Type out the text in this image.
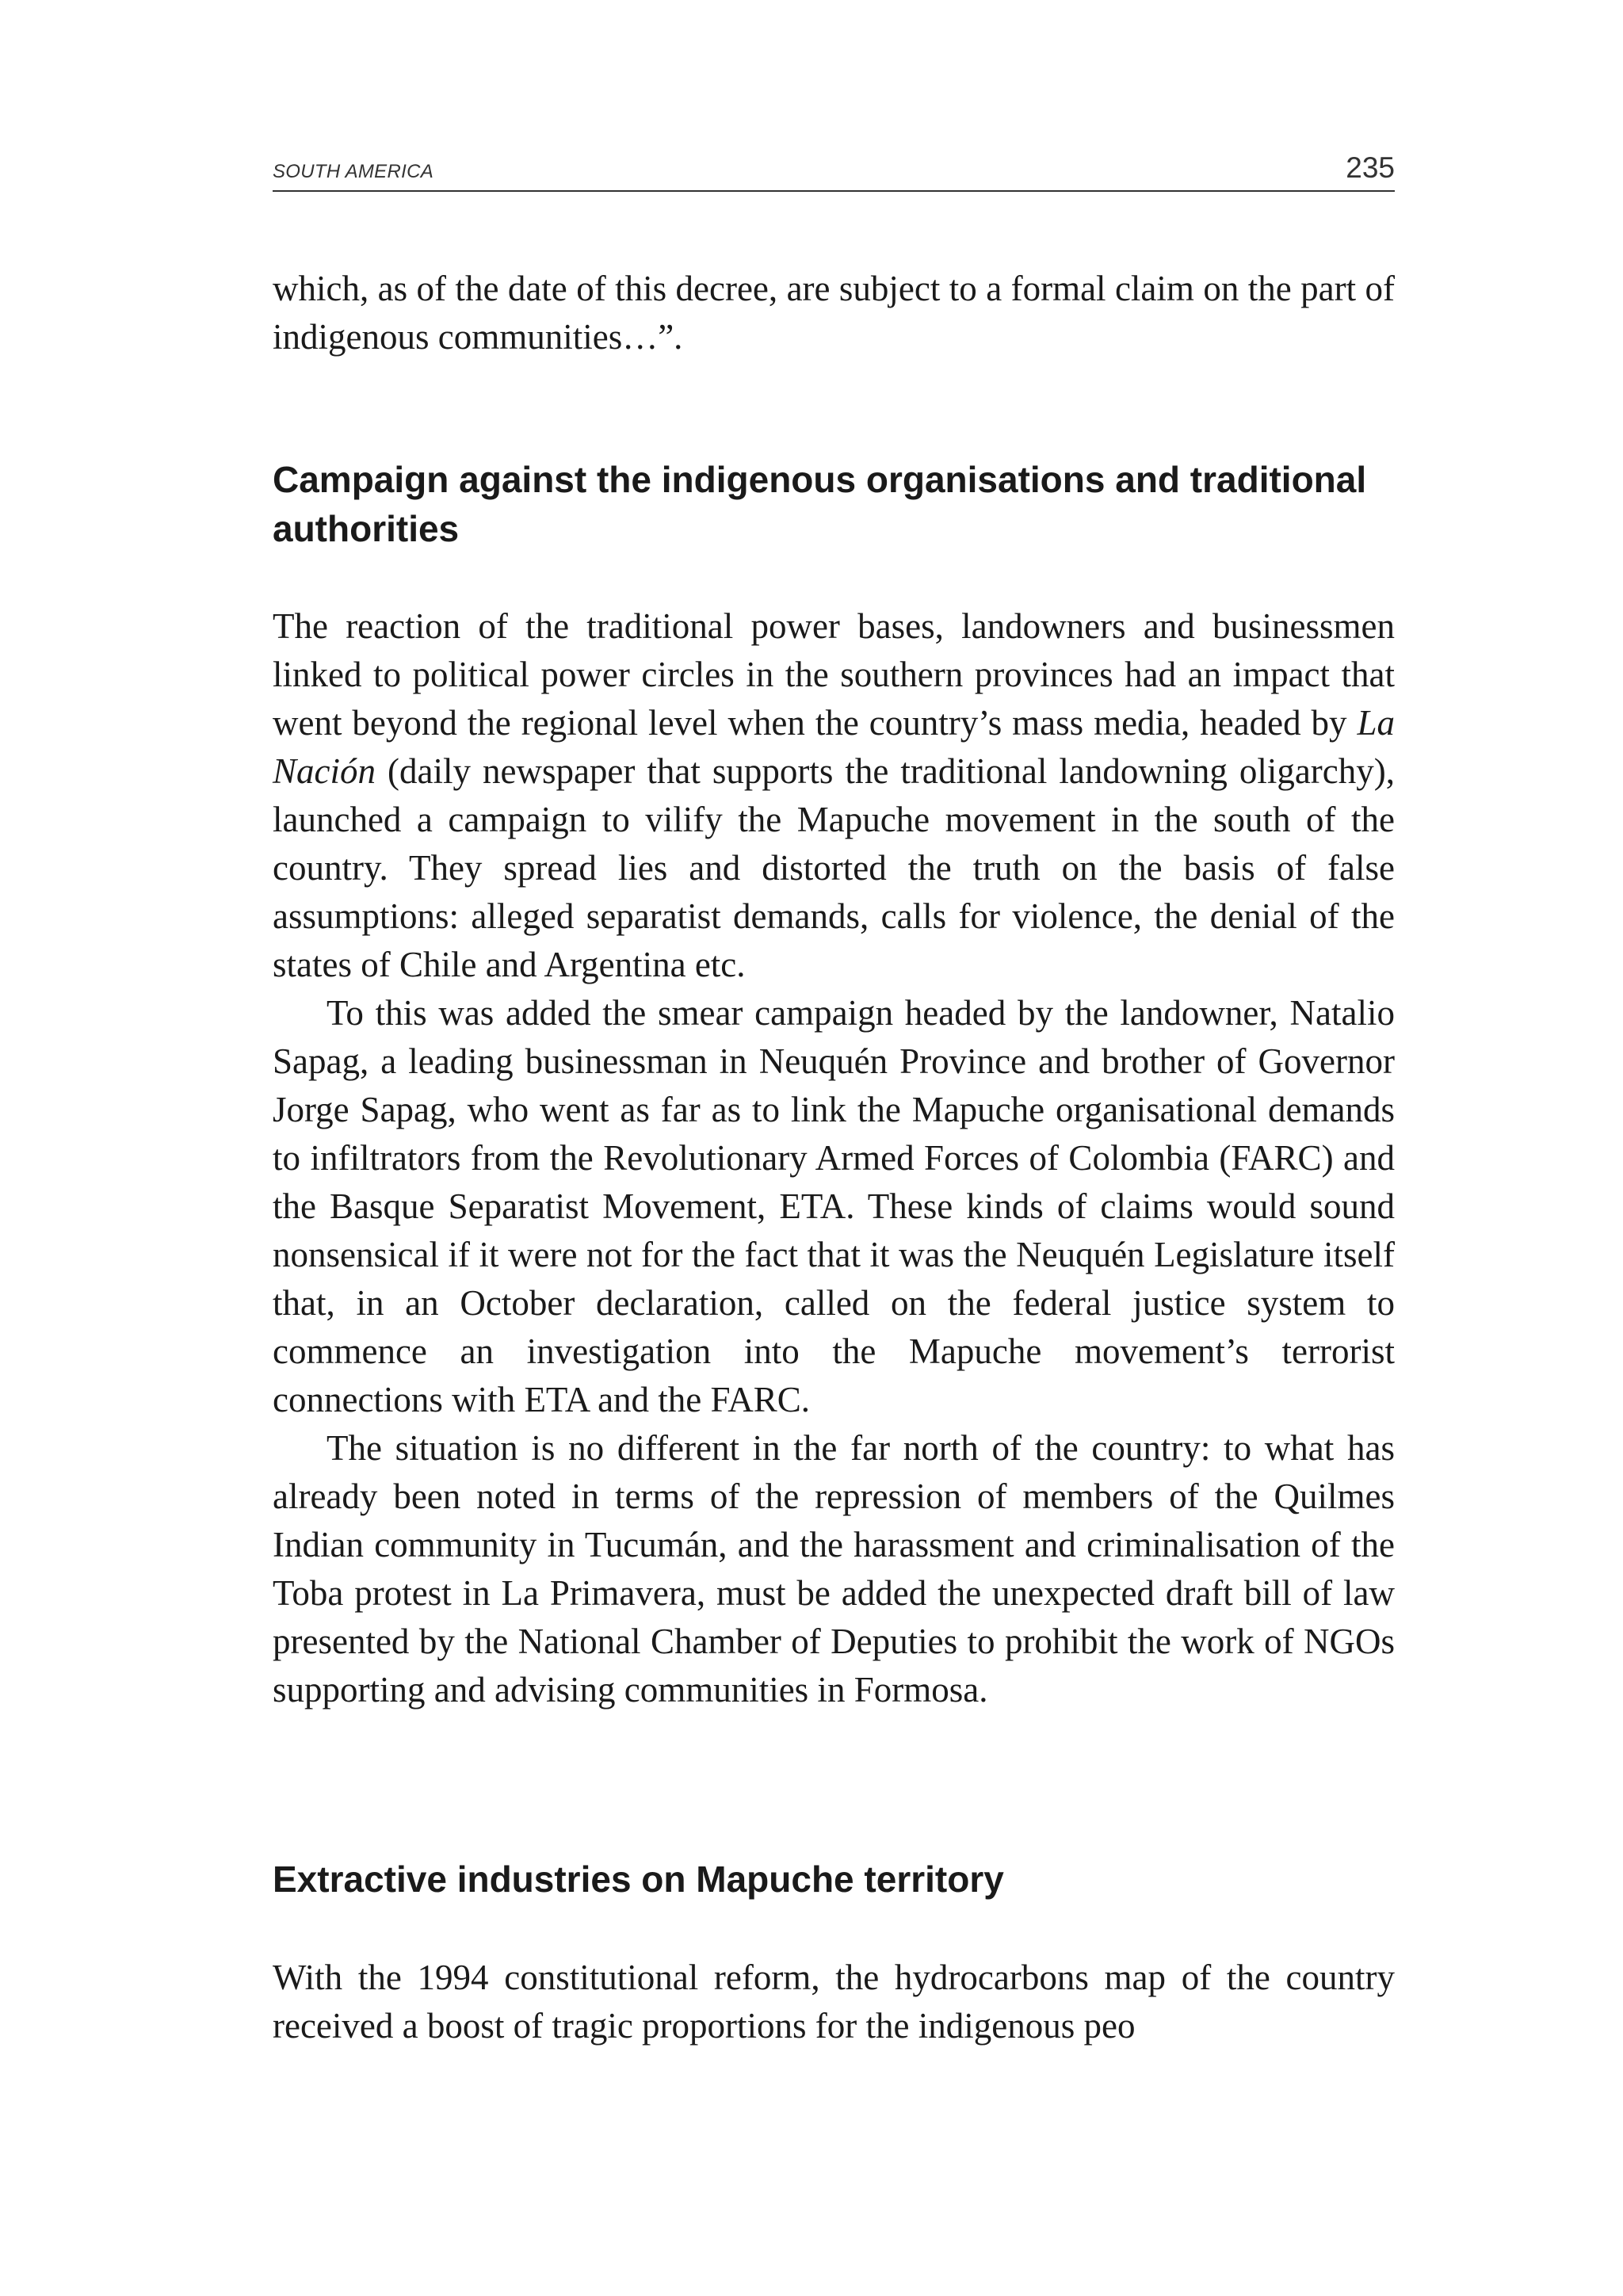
SOUTH AMERICA	235

which, as of the date of this decree, are subject to a formal claim on the part of indigenous communities…”.

Campaign against the indigenous organisations and traditional authorities

The reaction of the traditional power bases, landowners and businessmen linked to political power circles in the southern provinces had an impact that went beyond the regional level when the country’s mass media, headed by La Nación (daily newspaper that supports the traditional landowning oligarchy), launched a campaign to vilify the Mapuche movement in the south of the country. They spread lies and distorted the truth on the basis of false assumptions: alleged separatist demands, calls for violence, the denial of the states of Chile and Argentina etc.

To this was added the smear campaign headed by the landowner, Natalio Sapag, a leading businessman in Neuquén Province and brother of Governor Jorge Sapag, who went as far as to link the Mapuche organisational demands to infiltrators from the Revolutionary Armed Forces of Colombia (FARC) and the Basque Separatist Movement, ETA. These kinds of claims would sound nonsensical if it were not for the fact that it was the Neuquén Legislature itself that, in an October declaration, called on the federal justice system to commence an investigation into the Mapuche movement’s terrorist connections with ETA and the FARC.

The situation is no different in the far north of the country: to what has already been noted in terms of the repression of members of the Quilmes Indian community in Tucumán, and the harassment and criminalisation of the Toba protest in La Primavera, must be added the unexpected draft bill of law presented by the National Chamber of Deputies to prohibit the work of NGOs supporting and advising communities in Formosa.

Extractive industries on Mapuche territory

With the 1994 constitutional reform, the hydrocarbons map of the country received a boost of tragic proportions for the indigenous peo
